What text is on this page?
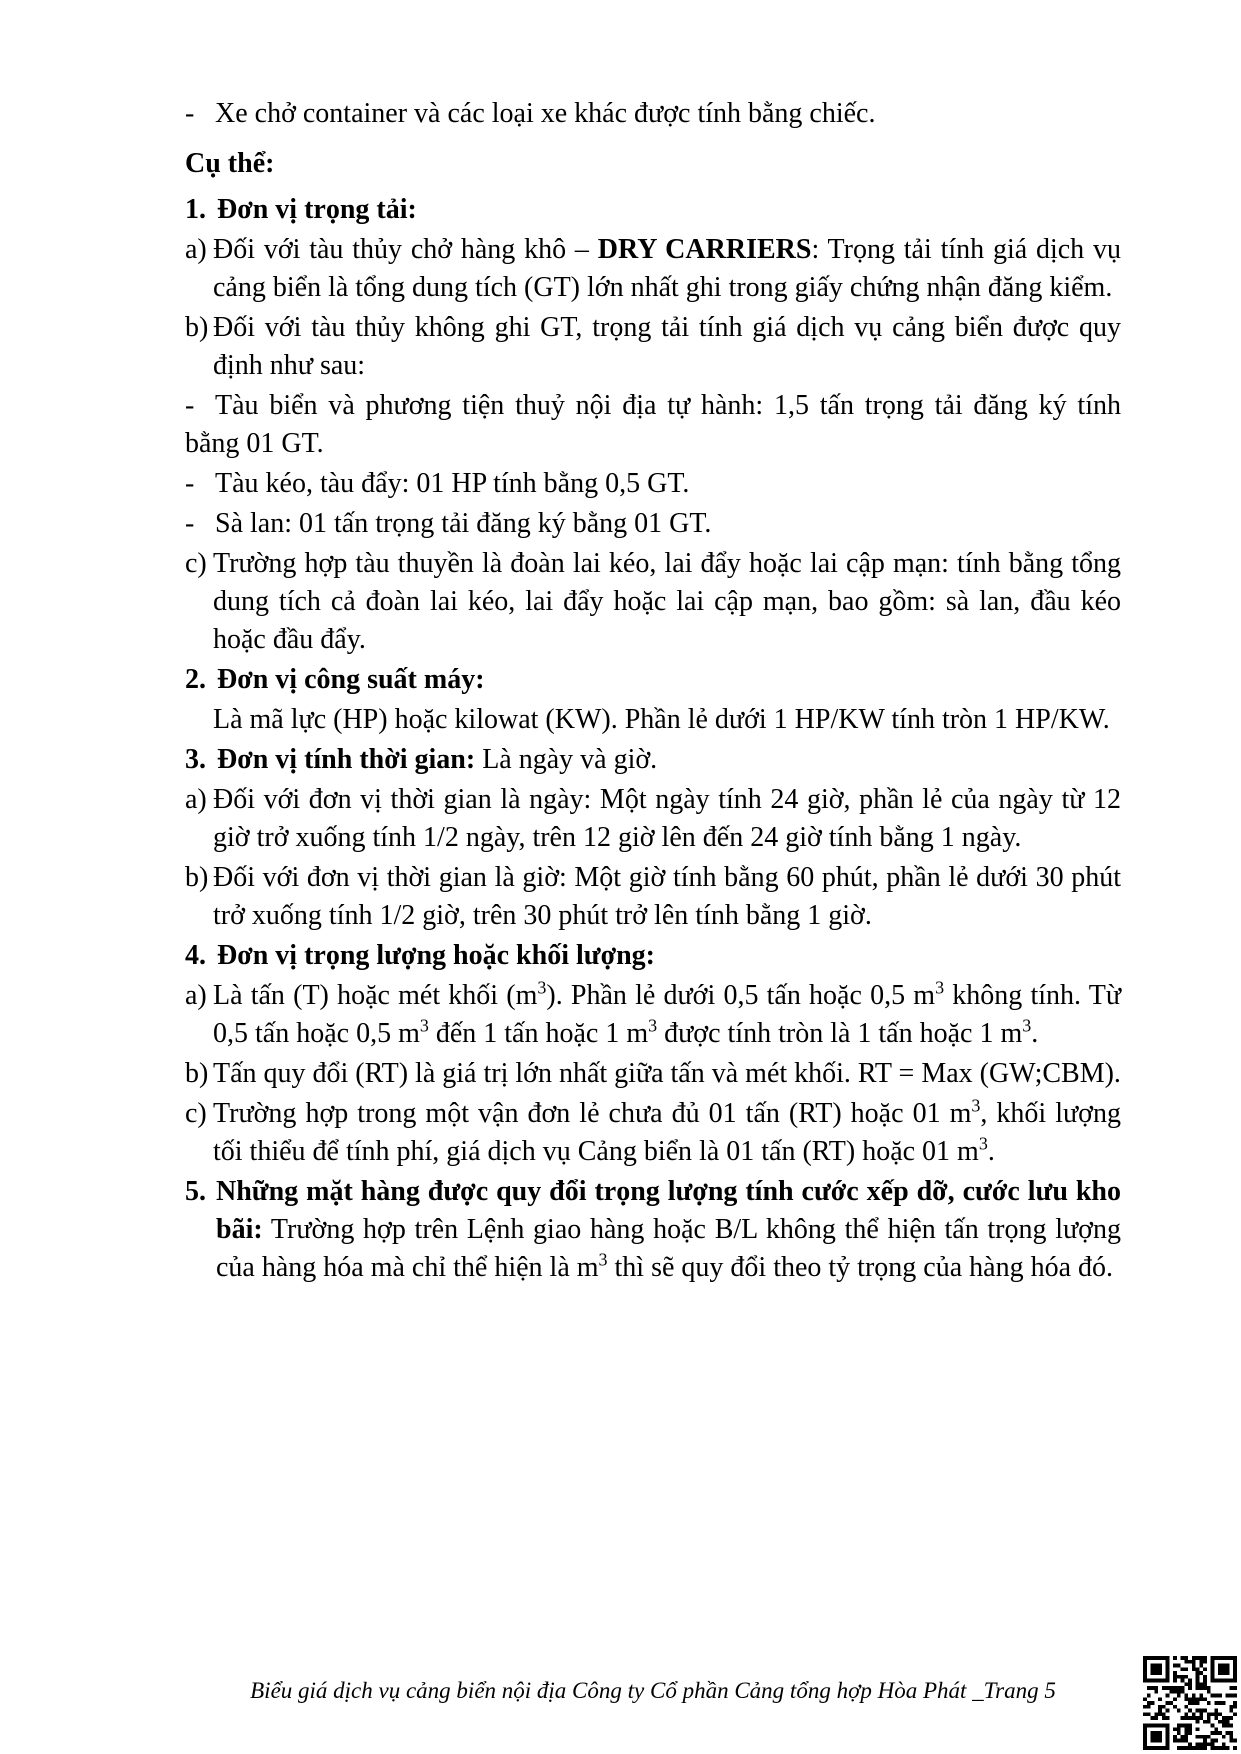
- Xe chở container và các loại xe khác được tính bằng chiếc.

Cụ thể:

1. Đơn vị trọng tải:

a) Đối với tàu thủy chở hàng khô – DRY CARRIERS: Trọng tải tính giá dịch vụ cảng biển là tổng dung tích (GT) lớn nhất ghi trong giấy chứng nhận đăng kiểm.

b) Đối với tàu thủy không ghi GT, trọng tải tính giá dịch vụ cảng biển được quy định như sau:

- Tàu biển và phương tiện thuỷ nội địa tự hành: 1,5 tấn trọng tải đăng ký tính bằng 01 GT.

- Tàu kéo, tàu đẩy: 01 HP tính bằng 0,5 GT.

- Sà lan: 01 tấn trọng tải đăng ký bằng 01 GT.

c) Trường hợp tàu thuyền là đoàn lai kéo, lai đẩy hoặc lai cập mạn: tính bằng tổng dung tích cả đoàn lai kéo, lai đẩy hoặc lai cập mạn, bao gồm: sà lan, đầu kéo hoặc đầu đẩy.

2. Đơn vị công suất máy:

Là mã lực (HP) hoặc kilowat (KW). Phần lẻ dưới 1 HP/KW tính tròn 1 HP/KW.

3. Đơn vị tính thời gian: Là ngày và giờ.

a) Đối với đơn vị thời gian là ngày: Một ngày tính 24 giờ, phần lẻ của ngày từ 12 giờ trở xuống tính 1/2 ngày, trên 12 giờ lên đến 24 giờ tính bằng 1 ngày.

b) Đối với đơn vị thời gian là giờ: Một giờ tính bằng 60 phút, phần lẻ dưới 30 phút trở xuống tính 1/2 giờ, trên 30 phút trở lên tính bằng 1 giờ.

4. Đơn vị trọng lượng hoặc khối lượng:

a) Là tấn (T) hoặc mét khối $(m^3)$. Phần lẻ dưới 0,5 tấn hoặc 0,5 $m^3$ không tính. Từ 0,5 tấn hoặc 0,5 $m^3$ đến 1 tấn hoặc 1 $m^3$ được tính tròn là 1 tấn hoặc 1 $m^3$.

b) Tấn quy đổi (RT) là giá trị lớn nhất giữa tấn và mét khối. RT = Max (GW;CBM).

c) Trường hợp trong một vận đơn lẻ chưa đủ 01 tấn (RT) hoặc 01 $m^3$, khối lượng tối thiểu để tính phí, giá dịch vụ Cảng biển là 01 tấn (RT) hoặc 01 $m^3$.

5. Những mặt hàng được quy đổi trọng lượng tính cước xếp dỡ, cước lưu kho bãi: Trường hợp trên Lệnh giao hàng hoặc B/L không thể hiện tấn trọng lượng của hàng hóa mà chỉ thể hiện là $m^3$ thì sẽ quy đổi theo tỷ trọng của hàng hóa đó.

Biểu giá dịch vụ cảng biển nội địa Công ty Cổ phần Cảng tổng hợp Hòa Phát _Trang 5
